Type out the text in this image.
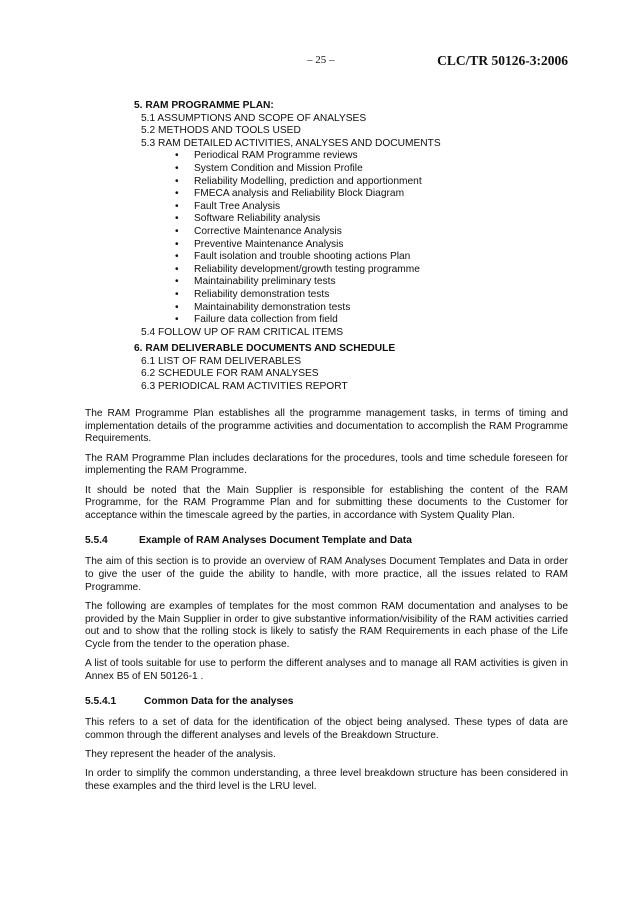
– 25 –	CLC/TR 50126-3:2006
5. RAM PROGRAMME PLAN:
5.1 ASSUMPTIONS AND SCOPE OF ANALYSES
5.2 METHODS AND TOOLS USED
5.3 RAM DETAILED ACTIVITIES, ANALYSES AND DOCUMENTS
• Periodical RAM Programme reviews
• System Condition and Mission Profile
• Reliability Modelling, prediction and apportionment
• FMECA analysis and Reliability Block Diagram
• Fault Tree Analysis
• Software Reliability analysis
• Corrective Maintenance Analysis
• Preventive Maintenance Analysis
• Fault isolation and trouble shooting actions Plan
• Reliability development/growth testing programme
• Maintainability preliminary tests
• Reliability demonstration tests
• Maintainability demonstration tests
• Failure data collection from field
5.4 FOLLOW UP OF RAM CRITICAL ITEMS
6. RAM DELIVERABLE DOCUMENTS AND SCHEDULE
6.1 LIST OF RAM DELIVERABLES
6.2 SCHEDULE FOR RAM ANALYSES
6.3 PERIODICAL RAM ACTIVITIES REPORT

The RAM Programme Plan establishes all the programme management tasks, in terms of timing and implementation details of the programme activities and documentation to accomplish the RAM Programme Requirements.

The RAM Programme Plan includes declarations for the procedures, tools and time schedule foreseen for implementing the RAM Programme.

It should be noted that the Main Supplier is responsible for establishing the content of the RAM Programme, for the RAM Programme Plan and for submitting these documents to the Customer for acceptance within the timescale agreed by the parties, in accordance with System Quality Plan.

5.5.4	Example of RAM Analyses Document Template and Data

The aim of this section is to provide an overview of RAM Analyses Document Templates and Data in order to give the user of the guide the ability to handle, with more practice, all the issues related to RAM Programme.

The following are examples of templates for the most common RAM documentation and analyses to be provided by the Main Supplier in order to give substantive information/visibility of the RAM activities carried out and to show that the rolling stock is likely to satisfy the RAM Requirements in each phase of the Life Cycle from the tender to the operation phase.

A list of tools suitable for use to perform the different analyses and to manage all RAM activities is given in Annex B5 of EN 50126-1 .

5.5.4.1	Common Data for the analyses

This refers to a set of data for the identification of the object being analysed. These types of data are common through the different analyses and levels of the Breakdown Structure.

They represent the header of the analysis.

In order to simplify the common understanding, a three level breakdown structure has been considered in these examples and the third level is the LRU level.
